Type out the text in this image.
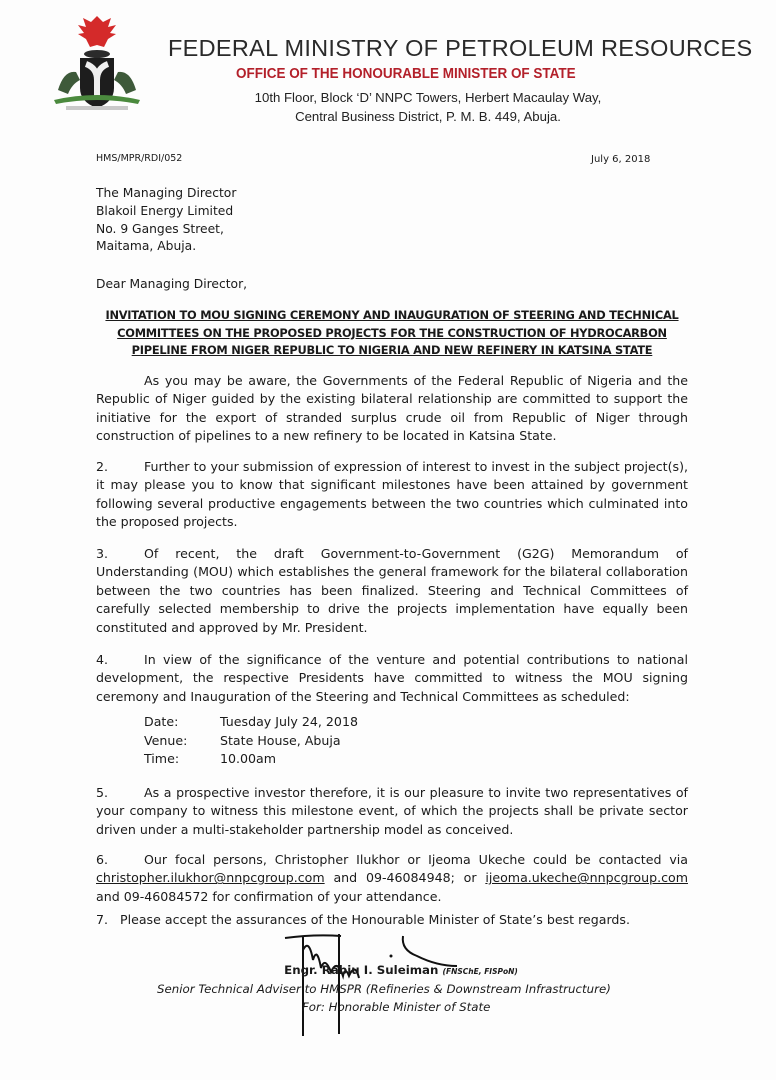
FEDERAL MINISTRY OF PETROLEUM RESOURCES
OFFICE OF THE HONOURABLE MINISTER OF STATE
10th Floor, Block ‘D’ NNPC Towers, Herbert Macaulay Way,
Central Business District, P. M. B. 449, Abuja.
HMS/MPR/RDI/052	July 6, 2018
The Managing Director
Blakoil Energy Limited
No. 9 Ganges Street,
Maitama, Abuja.
Dear Managing Director,
INVITATION TO MOU SIGNING CEREMONY AND INAUGURATION OF STEERING AND TECHNICAL
COMMITTEES ON THE PROPOSED PROJECTS FOR THE CONSTRUCTION OF HYDROCARBON
PIPELINE FROM NIGER REPUBLIC TO NIGERIA AND NEW REFINERY IN KATSINA STATE
As you may be aware, the Governments of the Federal Republic of Nigeria and the Republic of Niger guided by the existing bilateral relationship are committed to support the initiative for the export of stranded surplus crude oil from Republic of Niger through construction of pipelines to a new refinery to be located in Katsina State.
2.	Further to your submission of expression of interest to invest in the subject project(s), it may please you to know that significant milestones have been attained by government following several productive engagements between the two countries which culminated into the proposed projects.
3.	Of recent, the draft Government-to-Government (G2G) Memorandum of Understanding (MOU) which establishes the general framework for the bilateral collaboration between the two countries has been finalized. Steering and Technical Committees of carefully selected membership to drive the projects implementation have equally been constituted and approved by Mr. President.
4.	In view of the significance of the venture and potential contributions to national development, the respective Presidents have committed to witness the MOU signing ceremony and Inauguration of the Steering and Technical Committees as scheduled:
Date:	Tuesday July 24, 2018
Venue:	State House, Abuja
Time:	10.00am
5.	As a prospective investor therefore, it is our pleasure to invite two representatives of your company to witness this milestone event, of which the projects shall be private sector driven under a multi-stakeholder partnership model as conceived.
6.	Our focal persons, Christopher Ilukhor or Ijeoma Ukeche could be contacted via christopher.ilukhor@nnpcgroup.com and 09-46084948; or ijeoma.ukeche@nnpcgroup.com and 09-46084572 for confirmation of your attendance.
7. Please accept the assurances of the Honourable Minister of State’s best regards.
Engr. Rabiu I. Suleiman (FNSChE, FISPoN)
Senior Technical Adviser to HMSPR (Refineries & Downstream Infrastructure)
For: Honorable Minister of State
